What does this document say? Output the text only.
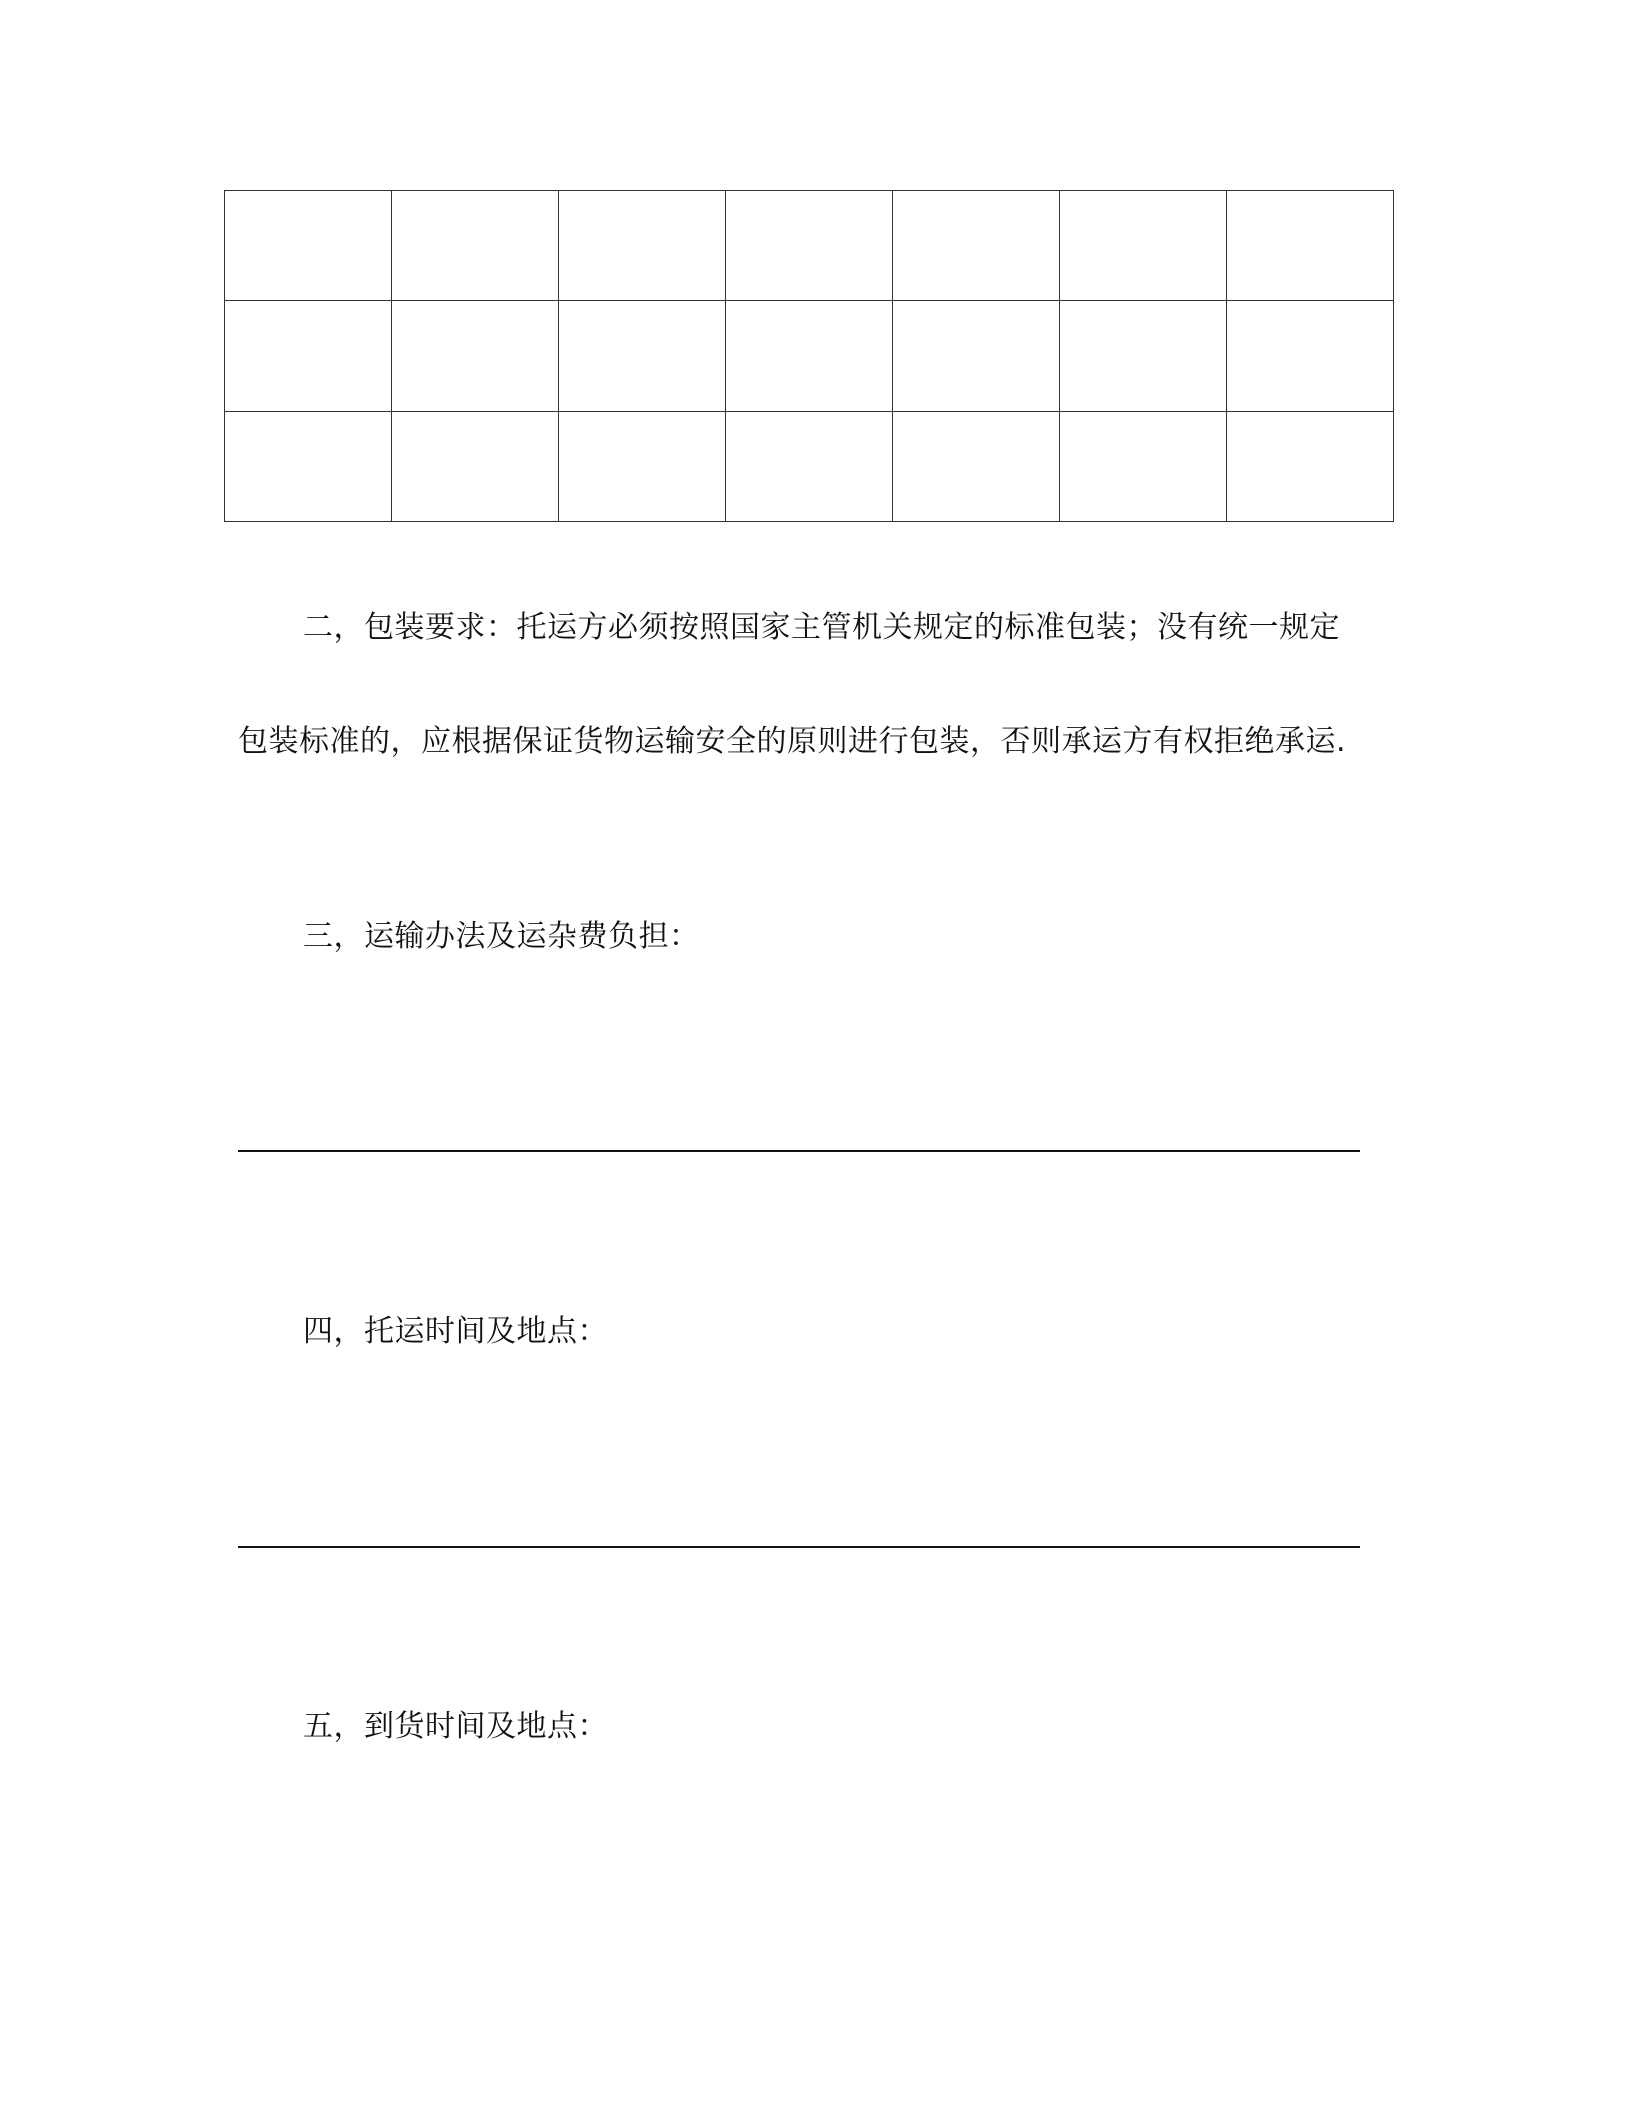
二，包装要求：托运方必须按照国家主管机关规定的标准包装；没有统一规定
包装标准的，应根据保证货物运输安全的原则进行包装，否则承运方有权拒绝承运.
三，运输办法及运杂费负担：
四，托运时间及地点：
五，到货时间及地点：
